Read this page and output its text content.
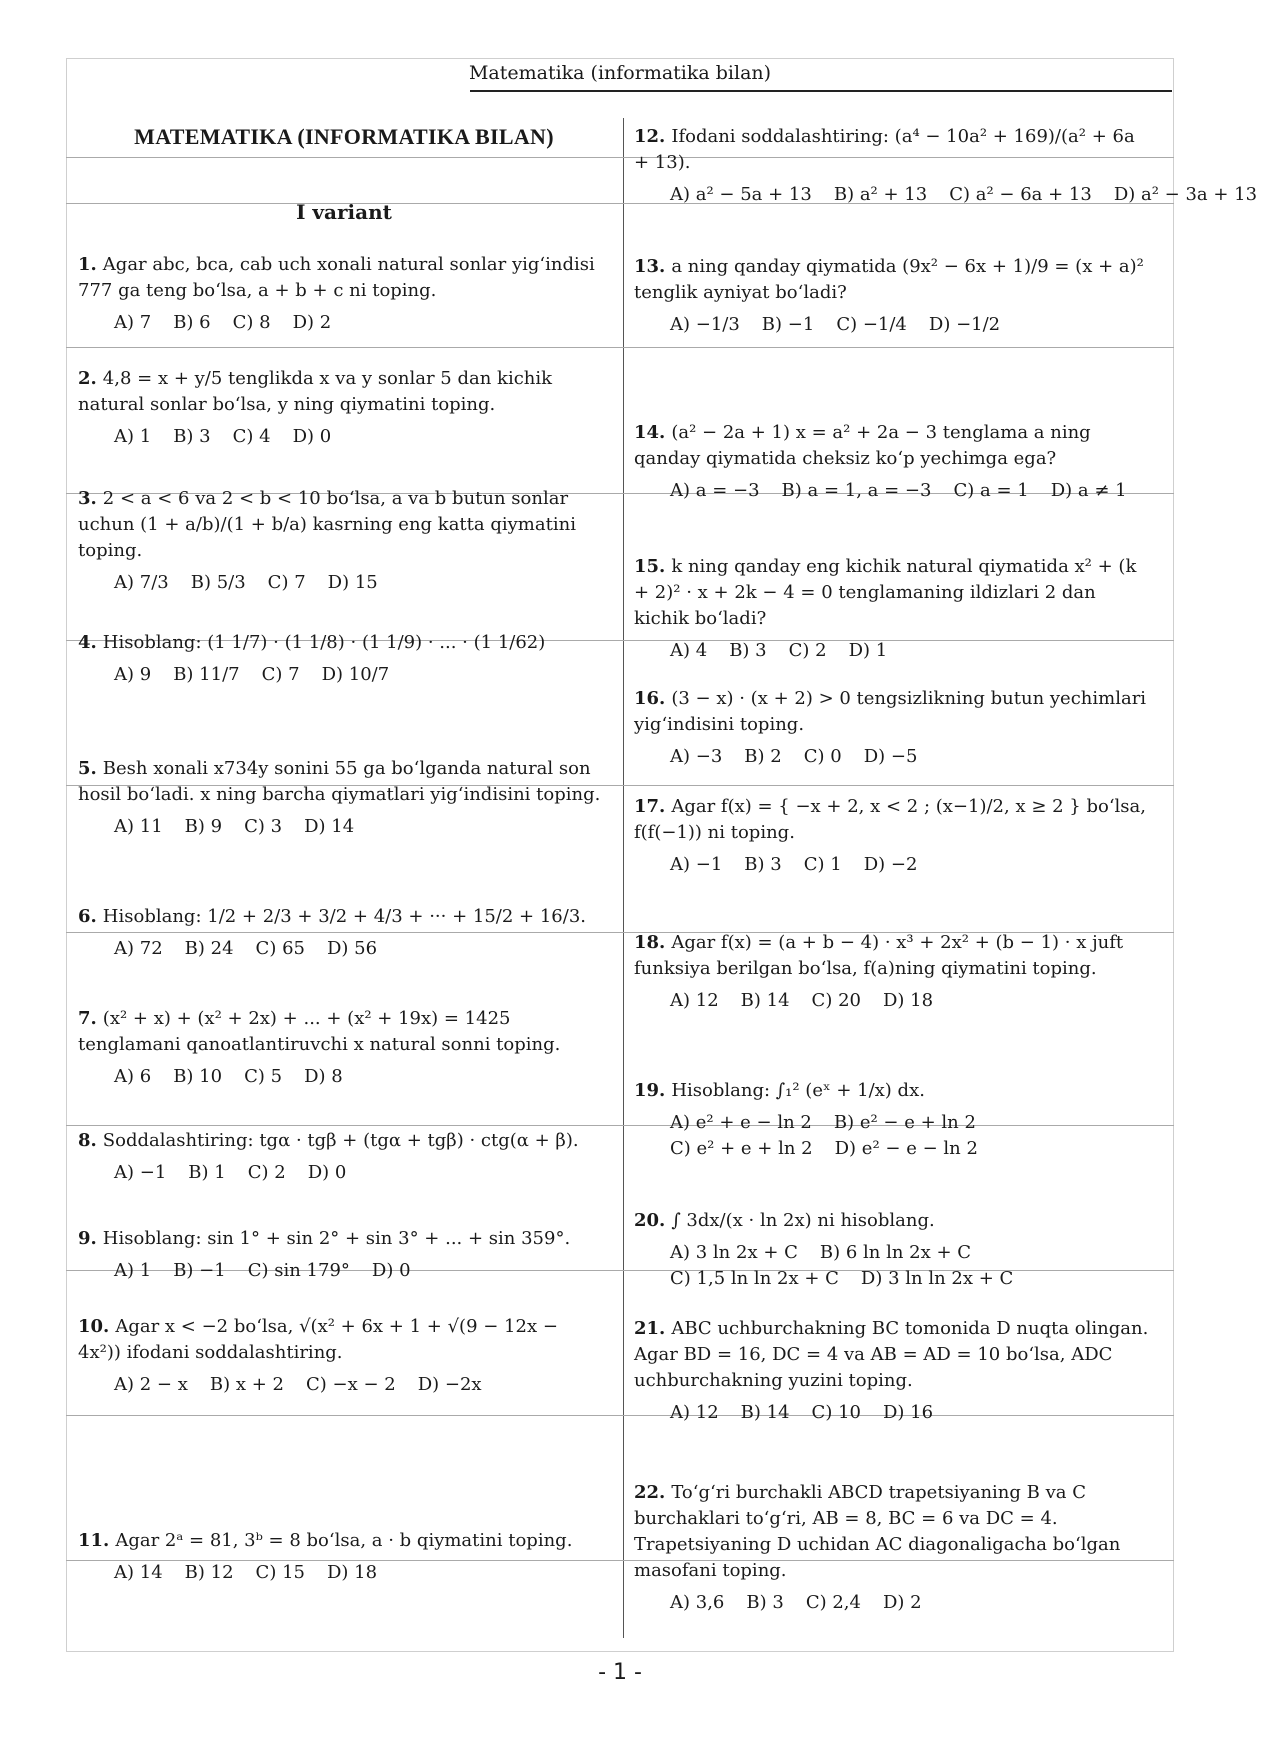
Matematika (informatika bilan)
MATEMATIKA (INFORMATIKA BILAN)
I variant
1. Agar abc, bca, cab uch xonali natural sonlar yig‘indisi 777 ga teng bo‘lsa, a + b + c ni toping.
A) 7 B) 6 C) 8 D) 2
2. 4,8 = x + y/5 tenglikda x va y sonlar 5 dan kichik natural sonlar bo‘lsa, y ning qiymatini toping.
A) 1 B) 3 C) 4 D) 0
3. 2 < a < 6 va 2 < b < 10 bo‘lsa, a va b butun sonlar uchun (1 + a/b)/(1 + b/a) kasrning eng katta qiymatini toping.
A) 7/3 B) 5/3 C) 7 D) 15
4. Hisoblang: (1 1/7) · (1 1/8) · (1 1/9) · ... · (1 1/62)
A) 9 B) 11/7 C) 7 D) 10/7
5. Besh xonali x734y sonini 55 ga bo‘lganda natural son hosil bo‘ladi. x ning barcha qiymatlari yig‘indisini toping.
A) 11 B) 9 C) 3 D) 14
6. Hisoblang: 1/2 + 2/3 + 3/2 + 4/3 + ··· + 15/2 + 16/3.
A) 72 B) 24 C) 65 D) 56
7. (x² + x) + (x² + 2x) + ... + (x² + 19x) = 1425 tenglamani qanoatlantiruvchi x natural sonni toping.
A) 6 B) 10 C) 5 D) 8
8. Soddalashtiring: tgα · tgβ + (tgα + tgβ) · ctg(α + β).
A) −1 B) 1 C) 2 D) 0
9. Hisoblang: sin 1° + sin 2° + sin 3° + ... + sin 359°.
A) 1 B) −1 C) sin 179° D) 0
10. Agar x < −2 bo‘lsa, √(x² + 6x + 1 + √(9 − 12x − 4x²)) ifodani soddalashtiring.
A) 2 − x B) x + 2 C) −x − 2 D) −2x
11. Agar 2ᵃ = 81, 3ᵇ = 8 bo‘lsa, a · b qiymatini toping.
A) 14 B) 12 C) 15 D) 18
12. Ifodani soddalashtiring: (a⁴ − 10a² + 169)/(a² + 6a + 13).
A) a² − 5a + 13 B) a² + 13 C) a² − 6a + 13 D) a² − 3a + 13
13. a ning qanday qiymatida (9x² − 6x + 1)/9 = (x + a)² tenglik ayniyat bo‘ladi?
A) −1/3 B) −1 C) −1/4 D) −1/2
14. (a² − 2a + 1) x = a² + 2a − 3 tenglama a ning qanday qiymatida cheksiz ko‘p yechimga ega?
A) a = −3 B) a = 1, a = −3 C) a = 1 D) a ≠ 1
15. k ning qanday eng kichik natural qiymatida x² + (k + 2)² · x + 2k − 4 = 0 tenglamaning ildizlari 2 dan kichik bo‘ladi?
A) 4 B) 3 C) 2 D) 1
16. (3 − x) · (x + 2) > 0 tengsizlikning butun yechimlari yig‘indisini toping.
A) −3 B) 2 C) 0 D) −5
17. Agar f(x) = { −x + 2, x < 2 ; (x−1)/2, x ≥ 2 } bo‘lsa, f(f(−1)) ni toping.
A) −1 B) 3 C) 1 D) −2
18. Agar f(x) = (a + b − 4) · x³ + 2x² + (b − 1) · x juft funksiya berilgan bo‘lsa, f(a)ning qiymatini toping.
A) 12 B) 14 C) 20 D) 18
19. Hisoblang: ∫₁² (eˣ + 1/x) dx.
A) e² + e − ln 2 B) e² − e + ln 2
C) e² + e + ln 2 D) e² − e − ln 2
20. ∫ 3dx/(x · ln 2x) ni hisoblang.
A) 3 ln 2x + C B) 6 ln ln 2x + C
C) 1,5 ln ln 2x + C D) 3 ln ln 2x + C
21. ABC uchburchakning BC tomonida D nuqta olingan. Agar BD = 16, DC = 4 va AB = AD = 10 bo‘lsa, ADC uchburchakning yuzini toping.
A) 12 B) 14 C) 10 D) 16
22. To‘g‘ri burchakli ABCD trapetsiyaning B va C burchaklari to‘g‘ri, AB = 8, BC = 6 va DC = 4. Trapetsiyaning D uchidan AC diagonaligacha bo‘lgan masofani toping.
A) 3,6 B) 3 C) 2,4 D) 2
- 1 -
